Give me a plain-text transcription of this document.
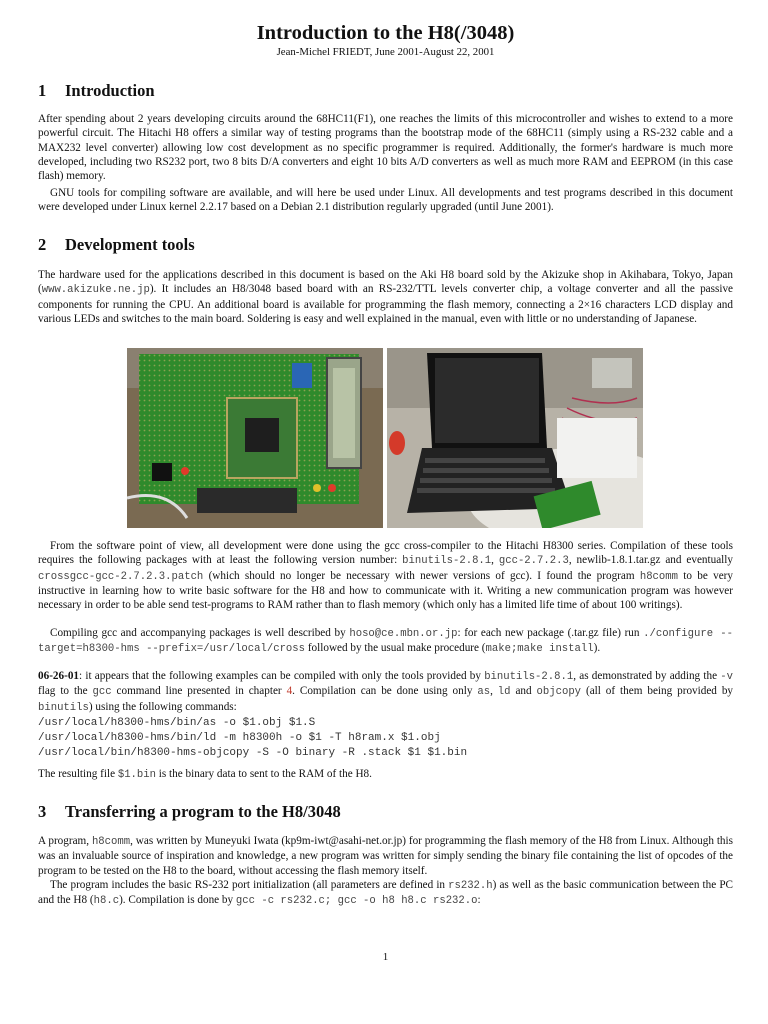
Introduction to the H8(/3048)
Jean-Michel FRIEDT, June 2001-August 22, 2001
1 Introduction

After spending about 2 years developing circuits around the 68HC11(F1), one reaches the limits of this microcontroller and wishes to extend to a more powerful circuit. The Hitachi H8 offers a similar way of testing programs than the bootstrap mode of the 68HC11 (simply using a RS-232 cable and a MAX232 level converter) allowing low cost development as no specific programmer is required. Additionally, the former's hardware is much more developed, including two RS232 port, two 8 bits D/A converters and eight 10 bits A/D converters as well as much more RAM and EEPROM (in this case flash) memory.

GNU tools for compiling software are available, and will here be used under Linux. All developments and test programs described in this document were developed under Linux kernel 2.2.17 based on a Debian 2.1 distribution regularly upgraded (until June 2001).

2 Development tools

The hardware used for the applications described in this document is based on the Aki H8 board sold by the Akizuke shop in Akihabara, Tokyo, Japan (www.akizuke.ne.jp). It includes an H8/3048 based board with an RS-232/TTL levels converter chip, a voltage converter and all the passive components for running the CPU. An additional board is available for programming the flash memory, connecting a 2×16 characters LCD display and various LEDs and switches to the main board. Soldering is easy and well explained in the manual, even with little or no understanding of Japanese.

From the software point of view, all development were done using the gcc cross-compiler to the Hitachi H8300 series. Compilation of these tools requires the following packages with at least the following version number: binutils-2.8.1, gcc-2.7.2.3, newlib-1.8.1.tar.gz and eventually crossgcc-gcc-2.7.2.3.patch (which should no longer be necessary with newer versions of gcc). I found the program h8comm to be very instructive in learning how to write basic software for the H8 and how to communicate with it. Writing a new communication program was however necessary in order to be able send test-programs to RAM rather than to flash memory (which only has a limited life time of about 100 writings).

Compiling gcc and accompanying packages is well described by hoso@ce.mbn.or.jp: for each new package (.tar.gz file) run ./configure --target=h8300-hms --prefix=/usr/local/cross followed by the usual make procedure (make;make install).

06-26-01: it appears that the following examples can be compiled with only the tools provided by binutils-2.8.1, as demonstrated by adding the -v flag to the gcc command line presented in chapter 4. Compilation can be done using only as, ld and objcopy (all of them being provided by binutils) using the following commands:

/usr/local/h8300-hms/bin/as -o $1.obj $1.S
/usr/local/h8300-hms/bin/ld -m h8300h -o $1 -T h8ram.x $1.obj
/usr/local/bin/h8300-hms-objcopy -S -O binary -R .stack $1 $1.bin

The resulting file $1.bin is the binary data to sent to the RAM of the H8.

3 Transferring a program to the H8/3048

A program, h8comm, was written by Muneyuki Iwata (kp9m-iwt@asahi-net.or.jp) for programming the flash memory of the H8 from Linux. Although this was an invaluable source of inspiration and knowledge, a new program was written for simply sending the binary file containing the list of opcodes of the program to be tested on the H8 to the board, without accessing the flash memory itself.

The program includes the basic RS-232 port initialization (all parameters are defined in rs232.h) as well as the basic communication between the PC and the H8 (h8.c). Compilation is done by gcc -c rs232.c; gcc -o h8 h8.c rs232.o:

1
